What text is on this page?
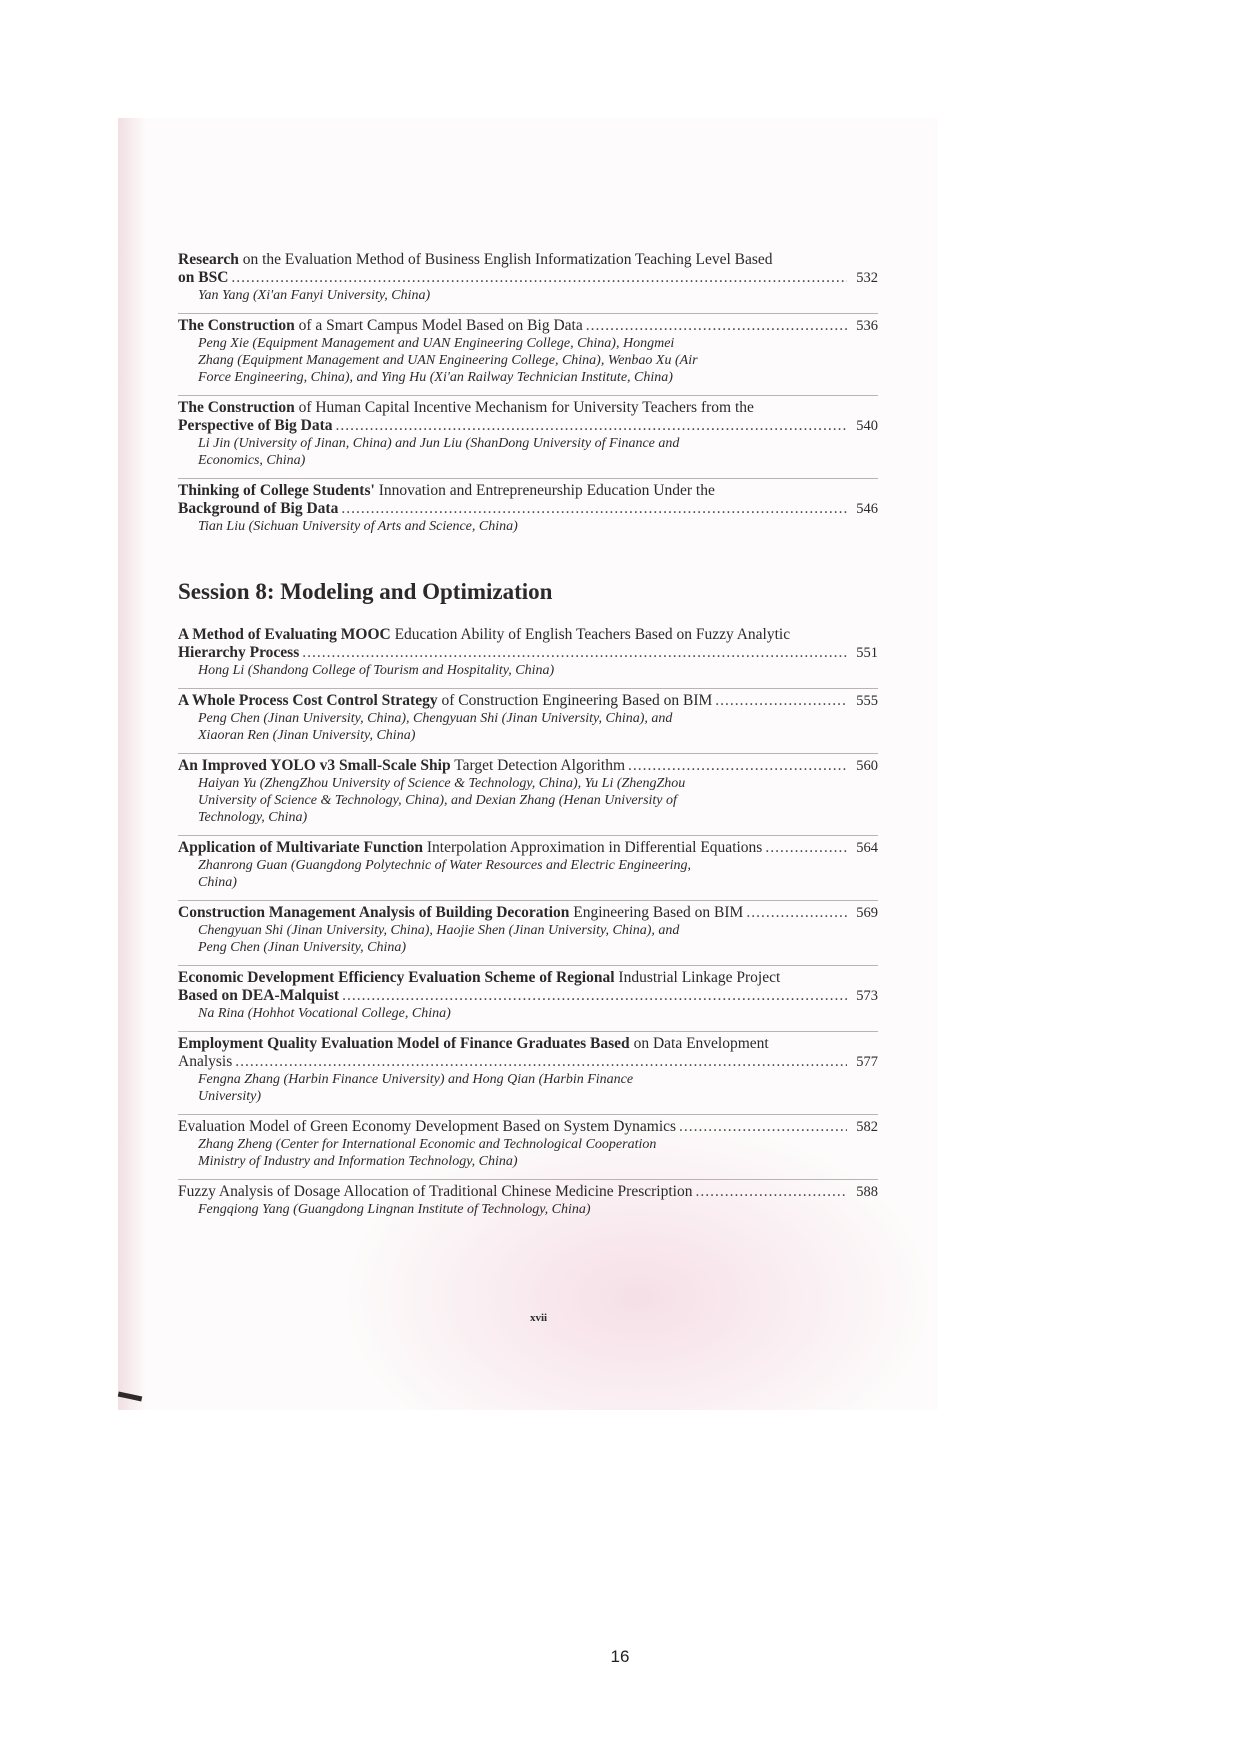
Research on the Evaluation Method of Business English Informatization Teaching Level Based
on BSC .....	532
Yan Yang (Xi'an Fanyi University, China)
The Construction of a Smart Campus Model Based on Big Data .....	536
Peng Xie (Equipment Management and UAN Engineering College, China), Hongmei Zhang (Equipment Management and UAN Engineering College, China), Wenbao Xu (Air Force Engineering, China), and Ying Hu (Xi'an Railway Technician Institute, China)
The Construction of Human Capital Incentive Mechanism for University Teachers from the
Perspective of Big Data .....	540
Li Jin (University of Jinan, China) and Jun Liu (ShanDong University of Finance and Economics, China)
Thinking of College Students' Innovation and Entrepreneurship Education Under the
Background of Big Data .....	546
Tian Liu (Sichuan University of Arts and Science, China)
Session 8: Modeling and Optimization
A Method of Evaluating MOOC Education Ability of English Teachers Based on Fuzzy Analytic
Hierarchy Process .....	551
Hong Li (Shandong College of Tourism and Hospitality, China)
A Whole Process Cost Control Strategy of Construction Engineering Based on BIM .....	555
Peng Chen (Jinan University, China), Chengyuan Shi (Jinan University, China), and Xiaoran Ren (Jinan University, China)
An Improved YOLO v3 Small-Scale Ship Target Detection Algorithm .....	560
Haiyan Yu (ZhengZhou University of Science & Technology, China), Yu Li (ZhengZhou University of Science & Technology, China), and Dexian Zhang (Henan University of Technology, China)
Application of Multivariate Function Interpolation Approximation in Differential Equations .....	564
Zhanrong Guan (Guangdong Polytechnic of Water Resources and Electric Engineering, China)
Construction Management Analysis of Building Decoration Engineering Based on BIM .....	569
Chengyuan Shi (Jinan University, China), Haojie Shen (Jinan University, China), and Peng Chen (Jinan University, China)
Economic Development Efficiency Evaluation Scheme of Regional Industrial Linkage Project
Based on DEA-Malquist .....	573
Na Rina (Hohhot Vocational College, China)
Employment Quality Evaluation Model of Finance Graduates Based on Data Envelopment
Analysis .....	577
Fengna Zhang (Harbin Finance University) and Hong Qian (Harbin Finance University)
Evaluation Model of Green Economy Development Based on System Dynamics .....	582
Zhang Zheng (Center for International Economic and Technological Cooperation Ministry of Industry and Information Technology, China)
Fuzzy Analysis of Dosage Allocation of Traditional Chinese Medicine Prescription .....	588
Fengqiong Yang (Guangdong Lingnan Institute of Technology, China)
xvii
16
